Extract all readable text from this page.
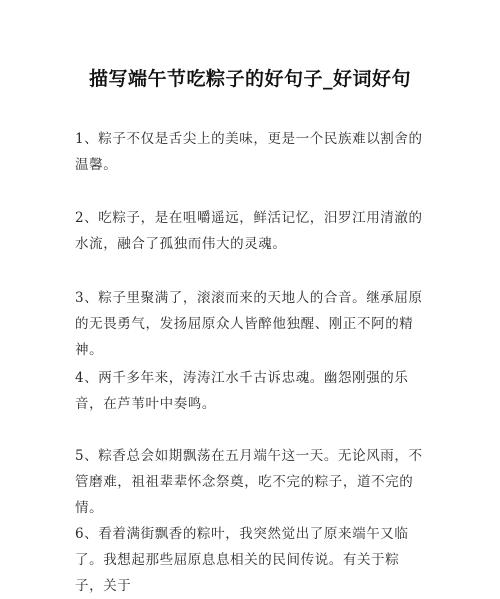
描写端午节吃粽子的好句子_好词好句
1、粽子不仅是舌尖上的美味，更是一个民族难以割舍的温馨。
2、吃粽子，是在咀嚼遥远，鲜活记忆，汨罗江用清澈的水流，融合了孤独而伟大的灵魂。
3、粽子里聚满了，滚滚而来的天地人的合音。继承屈原的无畏勇气，发扬屈原众人皆醉他独醒、刚正不阿的精神。
4、两千多年来，涛涛江水千古诉忠魂。幽怨刚强的乐音，在芦苇叶中奏鸣。
5、粽香总会如期飘荡在五月端午这一天。无论风雨，不管磨难，祖祖辈辈怀念祭奠，吃不完的粽子，道不完的情。
6、看着满街飘香的粽叶，我突然觉出了原来端午又临了。我想起那些屈原息息相关的民间传说。有关于粽子，关于
